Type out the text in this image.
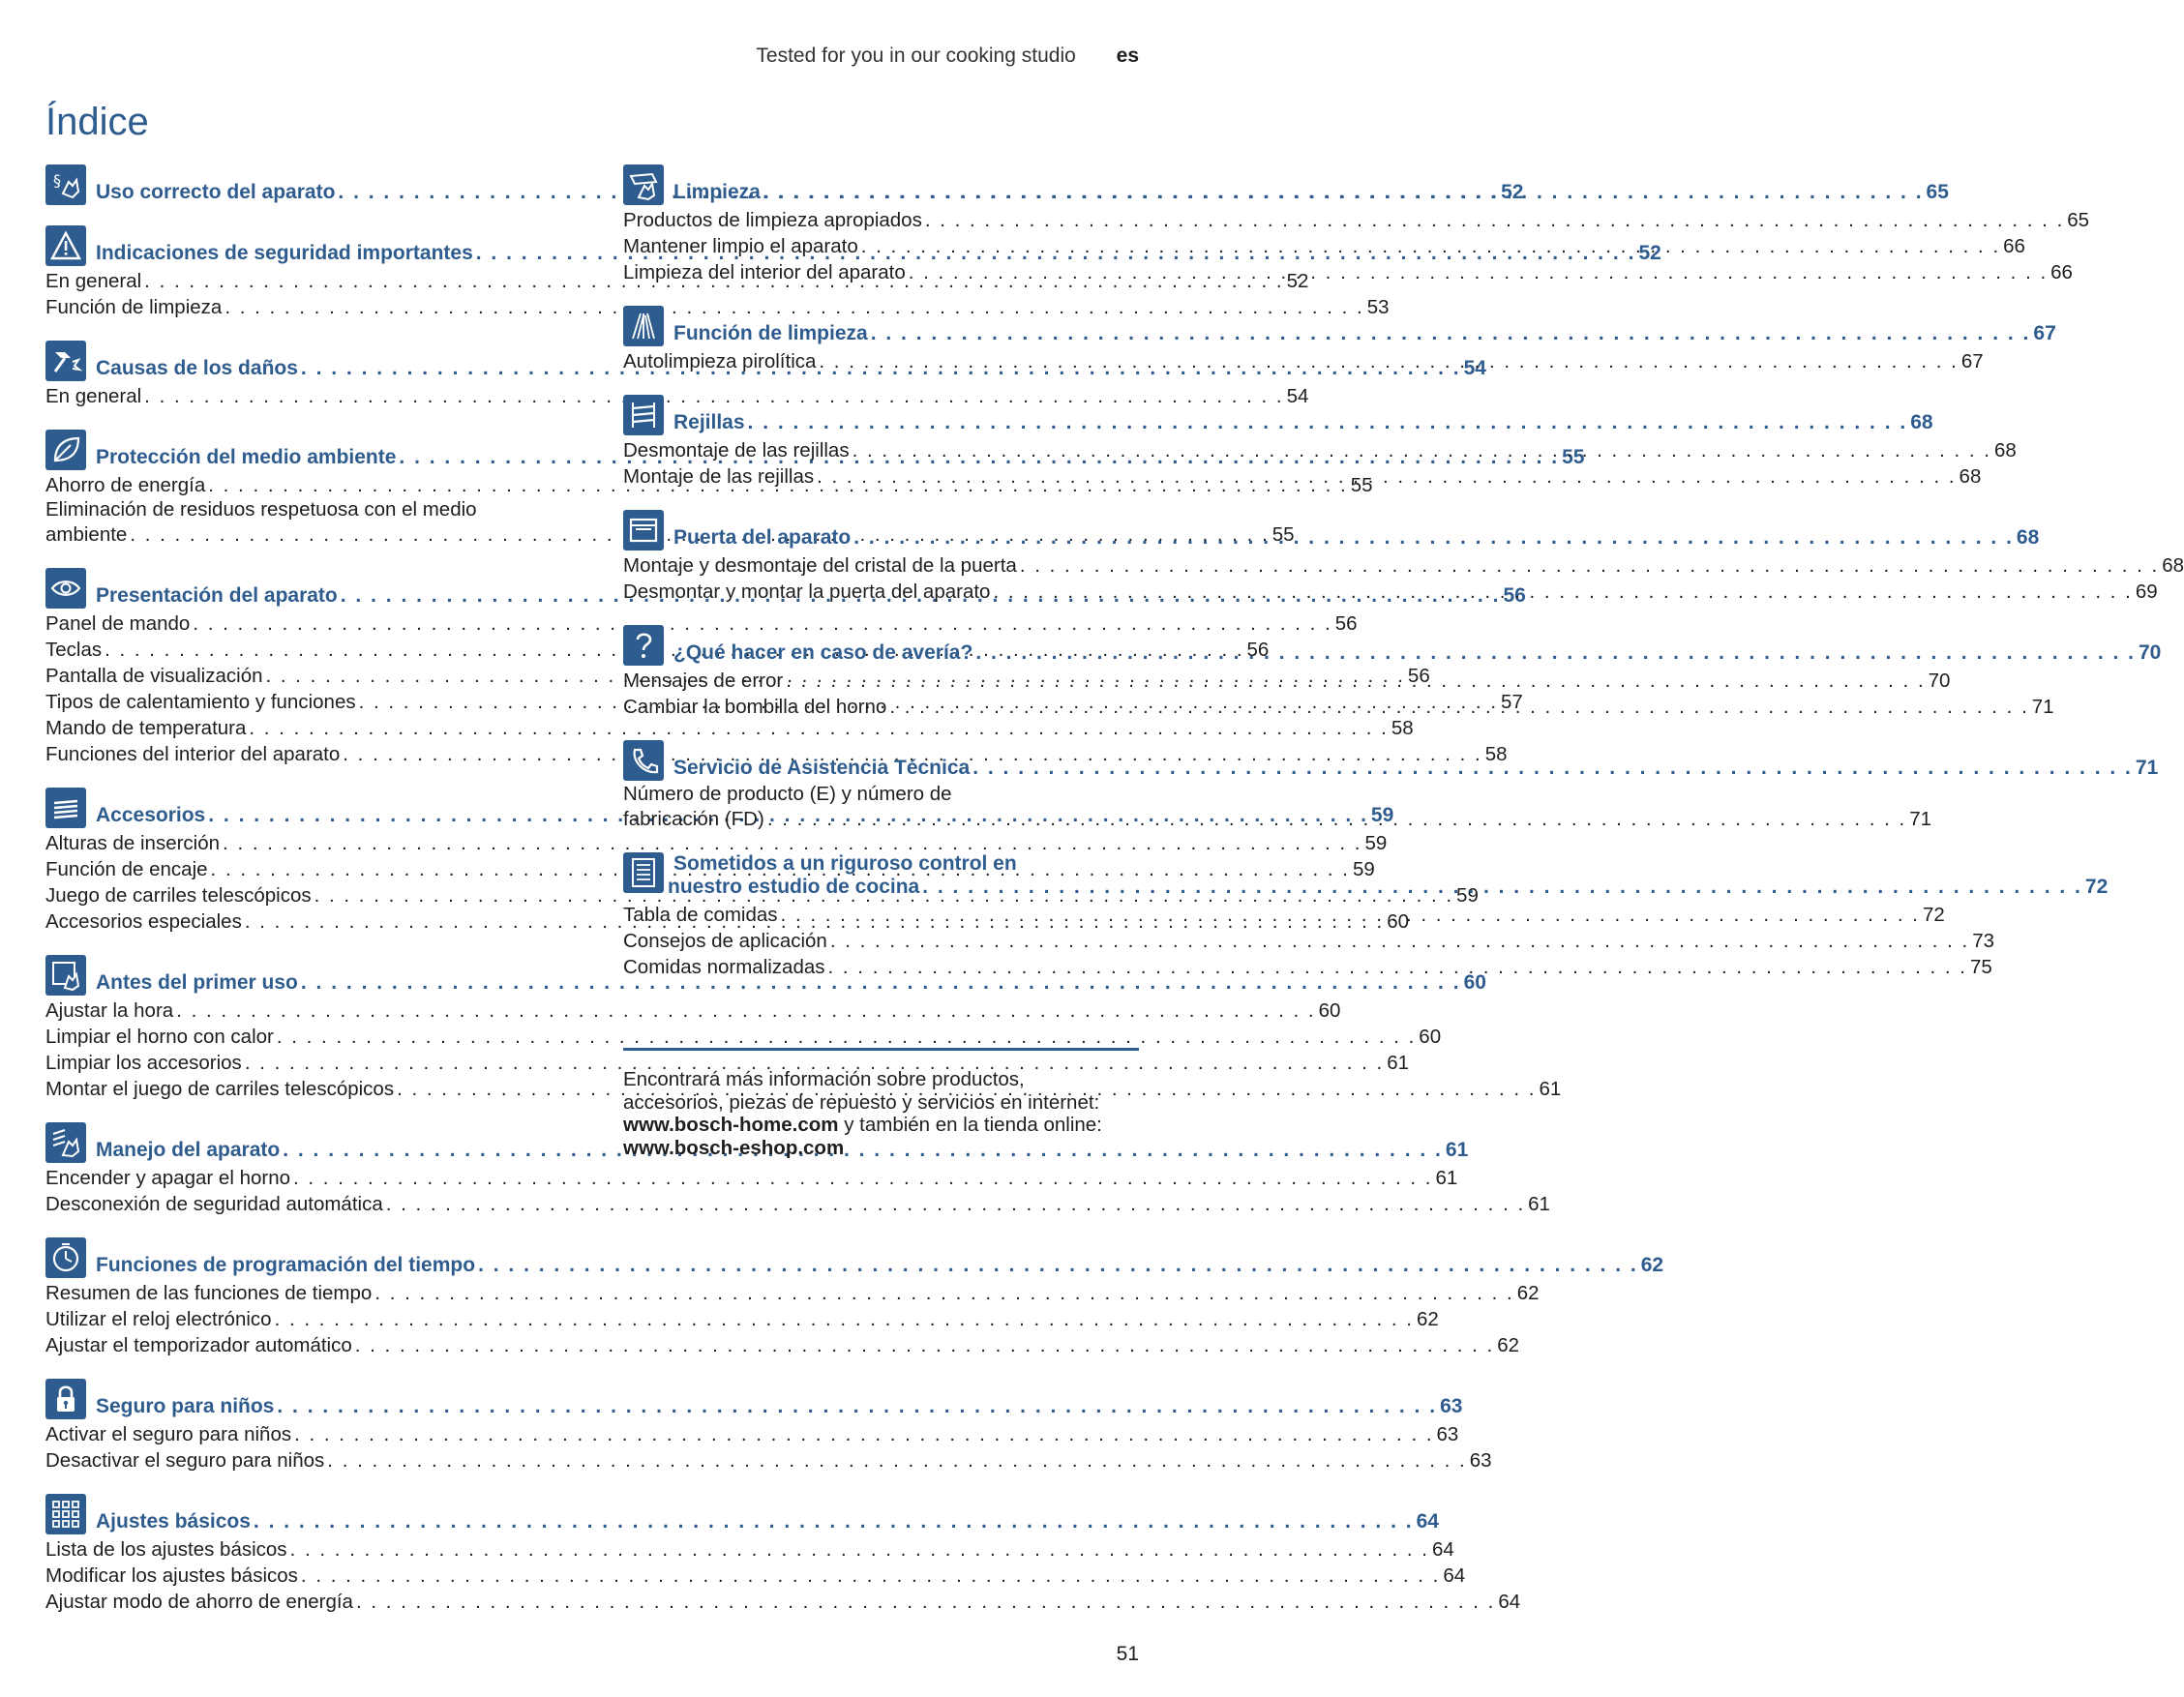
Tested for you in our cooking studio es
Índice
§
Uso correcto del aparato . . .	52
Indicaciones de seguridad importantes . . .	52
En general . . .	52
Función de limpieza . . .	53
Causas de los daños . . .	54
En general . . .	54
Protección del medio ambiente . . .	55
Ahorro de energía . . .	55
Eliminación de residuos respetuosa con el medio
ambiente . . .	55
Presentación del aparato . . .	56
Panel de mando . . .	56
Teclas . . .	56
Pantalla de visualización . . .	56
Tipos de calentamiento y funciones . . .	57
Mando de temperatura . . .	58
Funciones del interior del aparato . . .	58
Accesorios . . .	59
Alturas de inserción . . .	59
Función de encaje . . .	59
Juego de carriles telescópicos . . .	59
Accesorios especiales . . .	60
Antes del primer uso . . .	60
Ajustar la hora . . .	60
Limpiar el horno con calor . . .	60
Limpiar los accesorios . . .	61
Montar el juego de carriles telescópicos . . .	61
Manejo del aparato . . .	61
Encender y apagar el horno . . .	61
Desconexión de seguridad automática . . .	61
Funciones de programación del tiempo . . .	62
Resumen de las funciones de tiempo . . .	62
Utilizar el reloj electrónico . . .	62
Ajustar el temporizador automático . . .	62
Seguro para niños . . .	63
Activar el seguro para niños . . .	63
Desactivar el seguro para niños . . .	63
Ajustes básicos . . .	64
Lista de los ajustes básicos . . .	64
Modificar los ajustes básicos . . .	64
Ajustar modo de ahorro de energía . . .	64
Limpieza . . .	65
Productos de limpieza apropiados . . .	65
Mantener limpio el aparato . . .	66
Limpieza del interior del aparato . . .	66
Función de limpieza . . .	67
Autolimpieza pirolítica . . .	67
Rejillas . . .	68
Desmontaje de las rejillas . . .	68
Montaje de las rejillas . . .	68
Puerta del aparato . . .	68
Montaje y desmontaje del cristal de la puerta . . .	68
Desmontar y montar la puerta del aparato . . .	69
¿Qué hacer en caso de avería? . . .	70
Mensajes de error . . .	70
Cambiar la bombilla del horno . . .	71
Servicio de Asistencia Técnica . . .	71
Número de producto (E) y número de
fabricación (FD) . . .	71
Sometidos a un riguroso control en
nuestro estudio de cocina . . .	72
Tabla de comidas . . .	72
Consejos de aplicación . . .	73
Comidas normalizadas . . .	75
Encontrará más información sobre productos,
accesorios, piezas de repuesto y servicios en internet:
www.bosch-home.com y también en la tienda online:
www.bosch-eshop.com
51
